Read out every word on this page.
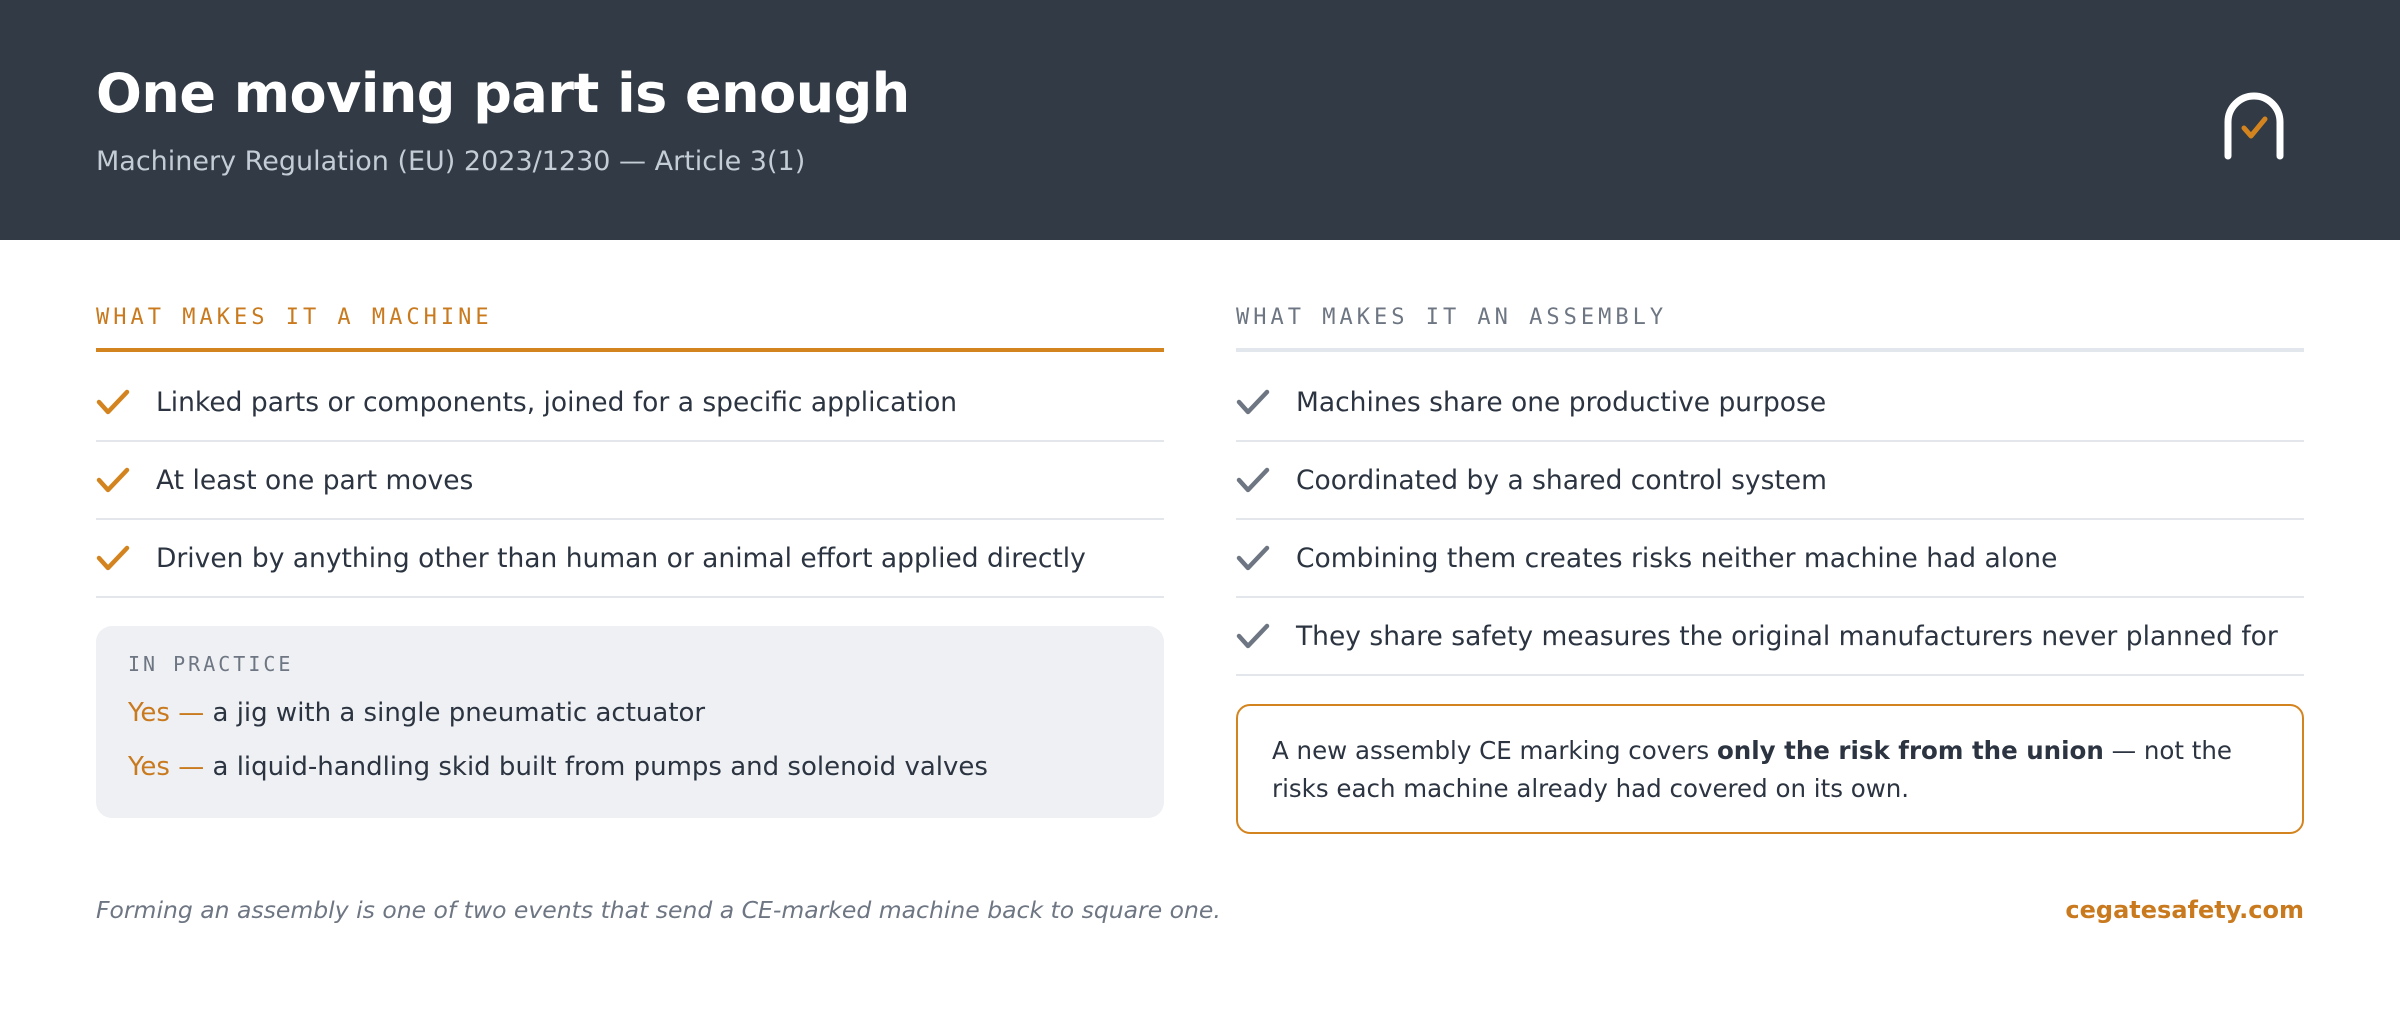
One moving part is enough
Machinery Regulation (EU) 2023/1230 — Article 3(1)
WHAT MAKES IT A MACHINE
Linked parts or components, joined for a specific application
At least one part moves
Driven by anything other than human or animal effort applied directly
IN PRACTICE
Yes — a jig with a single pneumatic actuator
Yes — a liquid-handling skid built from pumps and solenoid valves
WHAT MAKES IT AN ASSEMBLY
Machines share one productive purpose
Coordinated by a shared control system
Combining them creates risks neither machine had alone
They share safety measures the original manufacturers never planned for
A new assembly CE marking covers only the risk from the union — not the risks each machine already had covered on its own.
Forming an assembly is one of two events that send a CE-marked machine back to square one.	cegatesafety.com
